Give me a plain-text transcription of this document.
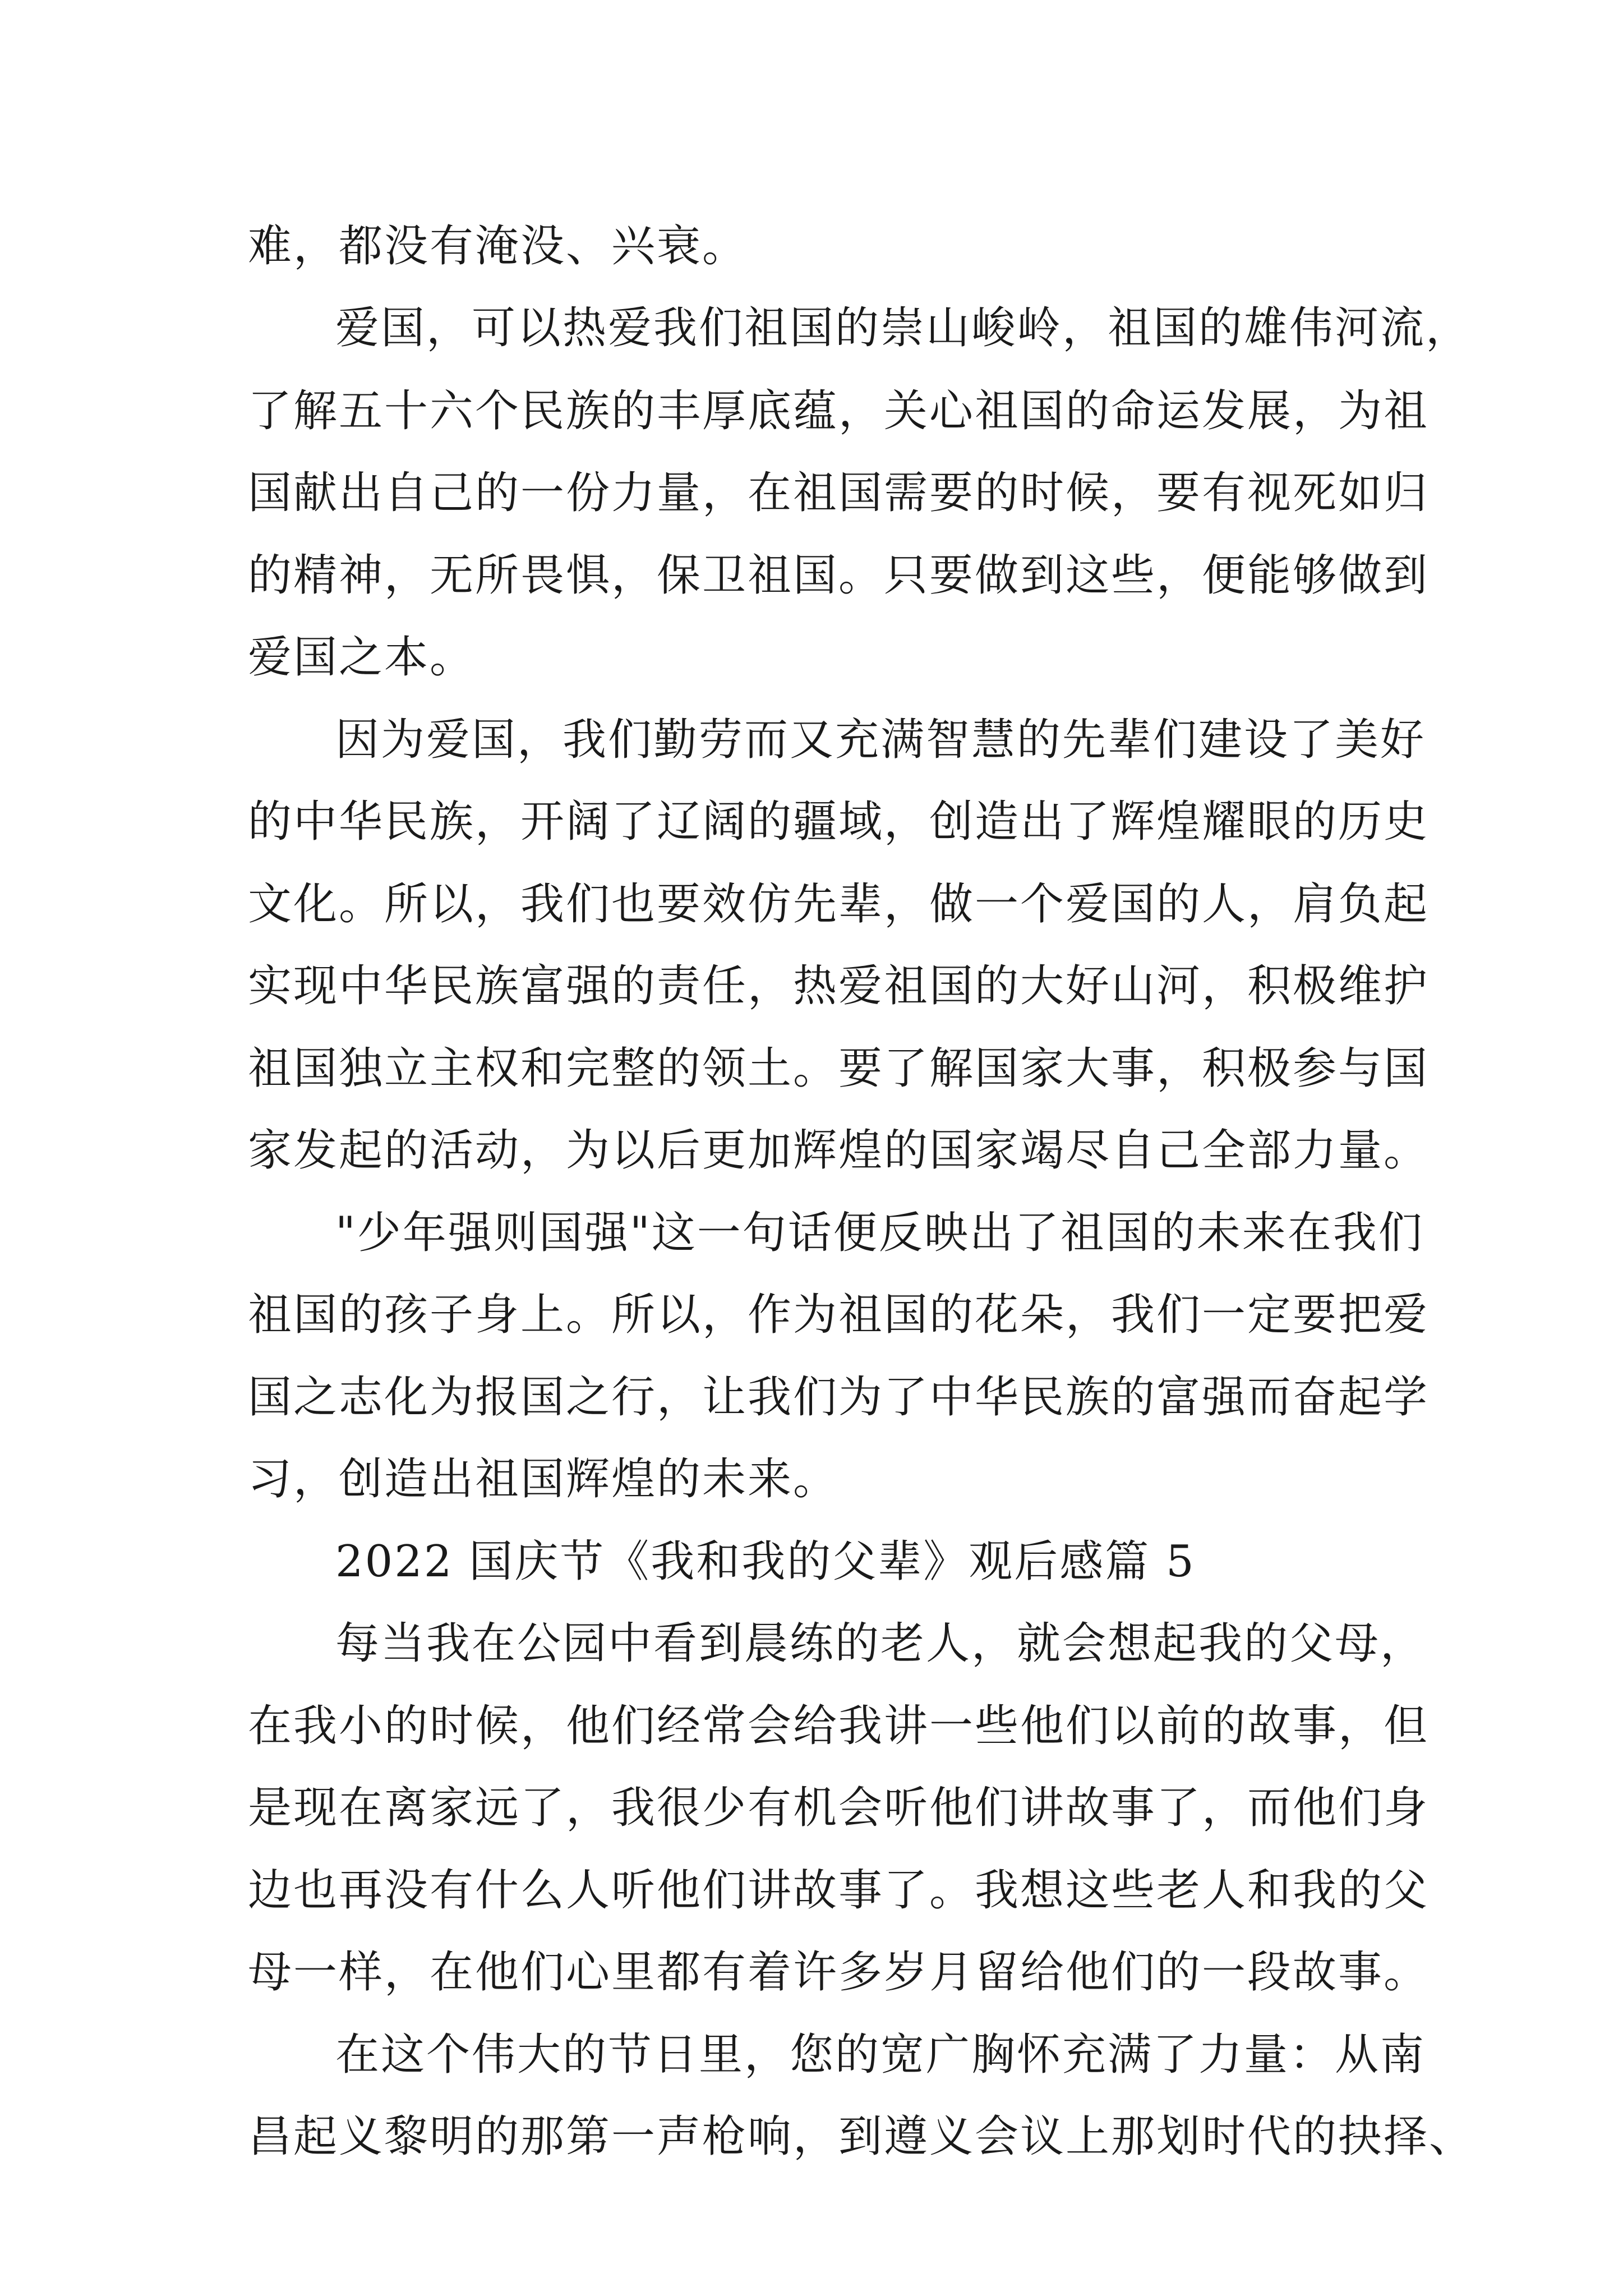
难，都没有淹没、兴衰。
爱国，可以热爱我们祖国的崇山峻岭，祖国的雄伟河流，
了解五十六个民族的丰厚底蕴，关心祖国的命运发展，为祖
国献出自己的一份力量，在祖国需要的时候，要有视死如归
的精神，无所畏惧，保卫祖国。只要做到这些，便能够做到
爱国之本。
因为爱国，我们勤劳而又充满智慧的先辈们建设了美好
的中华民族，开阔了辽阔的疆域，创造出了辉煌耀眼的历史
文化。所以，我们也要效仿先辈，做一个爱国的人，肩负起
实现中华民族富强的责任，热爱祖国的大好山河，积极维护
祖国独立主权和完整的领土。要了解国家大事，积极参与国
家发起的活动，为以后更加辉煌的国家竭尽自己全部力量。
"少年强则国强"这一句话便反映出了祖国的未来在我们
祖国的孩子身上。所以，作为祖国的花朵，我们一定要把爱
国之志化为报国之行，让我们为了中华民族的富强而奋起学
习，创造出祖国辉煌的未来。
2022 国庆节《我和我的父辈》观后感篇 5
每当我在公园中看到晨练的老人，就会想起我的父母，
在我小的时候，他们经常会给我讲一些他们以前的故事，但
是现在离家远了，我很少有机会听他们讲故事了，而他们身
边也再没有什么人听他们讲故事了。我想这些老人和我的父
母一样，在他们心里都有着许多岁月留给他们的一段故事。
在这个伟大的节日里，您的宽广胸怀充满了力量：从南
昌起义黎明的那第一声枪响，到遵义会议上那划时代的抉择、
